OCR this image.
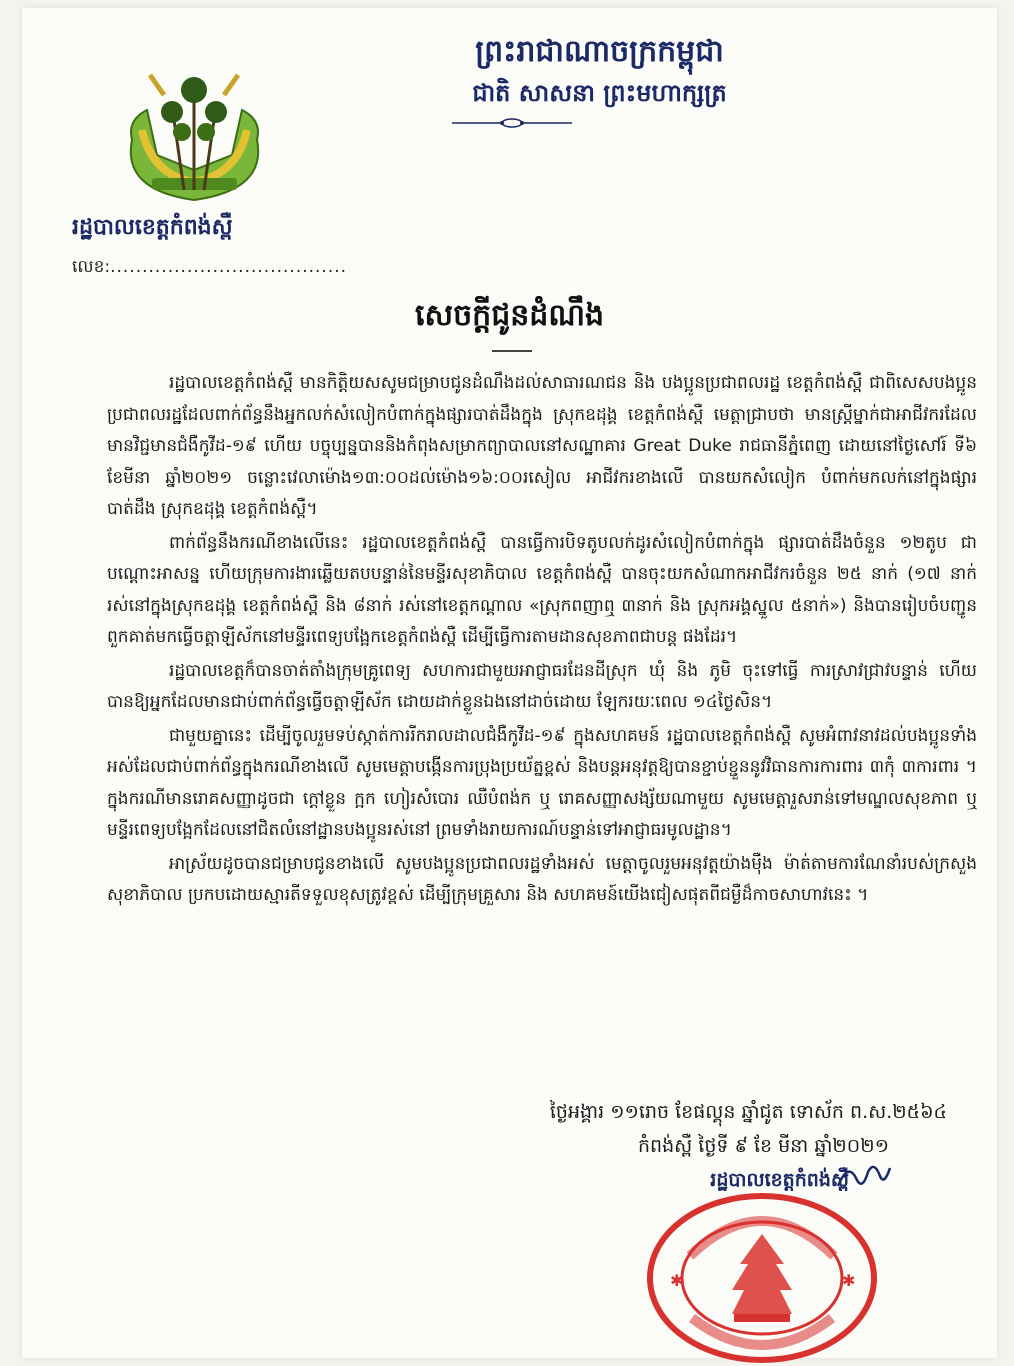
ព្រះរាជាណាចក្រកម្ពុជា
ជាតិ សាសនា ព្រះមហាក្សត្រ
រដ្ឋបាលខេត្តកំពង់ស្ពឺ
លេខ:.....................................
សេចក្តីជូនដំណឹង

រដ្ឋបាលខេត្តកំពង់ស្ពឺ មានកិត្តិយសសូមជម្រាបជូនដំណឹងដល់សាធារណជន និង បងប្អូនប្រជាពលរដ្ឋ ខេត្តកំពង់ស្ពឺ ជាពិសេសបងប្អូនប្រជាពលរដ្ឋដែលពាក់ព័ន្ធនឹងអ្នកលក់សំលៀកបំពាក់ក្នុងផ្សារបាត់ដឹងក្នុង ស្រុកឧដុង្គ ខេត្តកំពង់ស្ពឺ មេត្តាជ្រាបថា មានស្រ្តីម្នាក់ជាអាជីវករដែលមានវិជ្ជមានជំងឺកូវីដ-១៩ ហើយ បច្ចុប្បន្នបាននិងកំពុងសម្រាកព្យាបាលនៅសណ្ឋាគារ Great Duke រាជធានីភ្នំពេញ ដោយនៅថ្ងៃសៅរ៍ ទី៦ ខែមីនា ឆ្នាំ២០២១ ចន្លោះវេលាម៉ោង១៣:០០ដល់ម៉ោង១៦:០០រសៀល អាជីវករខាងលើ បានយកសំលៀក បំពាក់មកលក់នៅក្នុងផ្សារបាត់ដឹង ស្រុកឧដុង្គ ខេត្តកំពង់ស្ពឺ។

ពាក់ព័ន្ធនឹងករណីខាងលើនេះ រដ្ឋបាលខេត្តកំពង់ស្ពឺ បានធ្វើការបិទតូបលក់ដូរសំលៀកបំពាក់ក្នុង ផ្សារបាត់ដឹងចំនួន ១២តូប ជាបណ្តោះអាសន្ន ហើយក្រុមការងារឆ្លើយតបបន្ទាន់នៃមន្ទីរសុខាភិបាល ខេត្តកំពង់ស្ពឺ បានចុះយកសំណាកអាជីវករចំនួន ២៥ នាក់ (១៧ នាក់រស់នៅក្នុងស្រុកឧដុង្គ ខេត្តកំពង់ស្ពឺ និង ៨នាក់ រស់នៅខេត្តកណ្តាល «ស្រុកពញាឮ ៣នាក់ និង ស្រុកអង្គស្នួល ៥នាក់») និងបានរៀបចំបញ្ជូន ពួកគាត់មកធ្វើចត្តាឡីស័កនៅមន្ទីរពេទ្យបង្អែកខេត្តកំពង់ស្ពឺ ដើម្បីធ្វើការតាមដានសុខភាពជាបន្ត ផងដែរ។

រដ្ឋបាលខេត្តក៏បានចាត់តាំងក្រុមគ្រូពេទ្យ សហការជាមួយអាជ្ញាធរដែនដីស្រុក ឃុំ និង ភូមិ ចុះទៅធ្វើ ការស្រាវជ្រាវបន្ទាន់ ហើយបានឱ្យអ្នកដែលមានជាប់ពាក់ព័ន្ធធ្វើចត្តាឡីស័ក ដោយដាក់ខ្លួនឯងនៅដាច់ដោយ ឡែករយៈពេល ១៤ថ្ងៃសិន។

ជាមួយគ្នានេះ ដើម្បីចូលរួមទប់ស្កាត់ការរីករាលដាលជំងឺកូវីដ-១៩ ក្នុងសហគមន៍ រដ្ឋបាលខេត្តកំពង់ស្ពឺ សូមអំពាវនាវដល់បងប្អូនទាំងអស់ដែលជាប់ពាក់ព័ន្ធក្នុងករណីខាងលើ សូមមេត្តាបង្កើនការប្រុងប្រយ័ត្នខ្ពស់ និងបន្តអនុវត្តឱ្យបានខ្ជាប់ខ្ជួននូវវិធានការការពារ ៣កុំ ៣ការពារ ។ ក្នុងករណីមានរោគសញ្ញាដូចជា ក្តៅខ្លួន ក្អក ហៀរសំបោរ ឈឺបំពង់ក ឬ រោគសញ្ញាសង្ស័យណាមួយ សូមមេត្តារួសរាន់ទៅមណ្ឌលសុខភាព ឬ មន្ទីរពេទ្យបង្អែកដែលនៅជិតលំនៅដ្ឋានបងប្អូនរស់នៅ ព្រមទាំងរាយការណ៍បន្ទាន់ទៅអាជ្ញាធរមូលដ្ឋាន។

អាស្រ័យដូចបានជម្រាបជូនខាងលើ សូមបងប្អូនប្រជាពលរដ្ឋទាំងអស់ មេត្តាចូលរួមអនុវត្តយ៉ាងម៉ឺង ម៉ាត់តាមការណែនាំរបស់ក្រសួងសុខាភិបាល ប្រកបដោយស្មារតីទទួលខុសត្រូវខ្ពស់ ដើម្បីក្រុមគ្រួសារ និង សហគមន៍យើងជៀសផុតពីជម្ងឺដ៏កាចសាហាវនេះ ។

ថ្ងៃអង្គារ ១១រោច ខែផល្គុន ឆ្នាំជូត ទោស័ក ព.ស.២៥៦៤
កំពង់ស្ពឺ ថ្ងៃទី ៩ ខែ មីនា ឆ្នាំ២០២១
រដ្ឋបាលខេត្តកំពង់ស្ពឺ
✱	✱
